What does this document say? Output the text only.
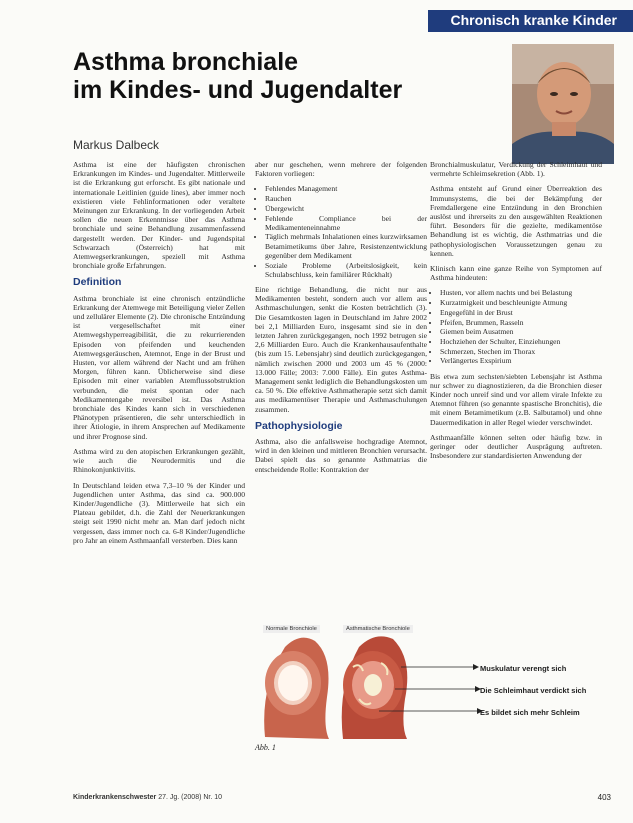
Chronisch kranke Kinder
Asthma bronchiale
im Kindes- und Jugendalter
Markus Dalbeck

Asthma ist eine der häufigsten chronischen Erkrankungen im Kindes- und Jugendalter. Mittlerweile ist die Erkrankung gut erforscht. Es gibt nationale und internationale Leitlinien (guide lines), aber immer noch existieren viele Fehlinformationen oder veraltete Meinungen zur Erkrankung. In der vorliegenden Arbeit sollen die neuen Erkenntnisse über das Asthma bronchiale und seine Behandlung zusammenfassend dargestellt werden. Der Kinder- und Jugendspital Schwarzach (Österreich) hat mit Atemwegserkrankungen, speziell mit Asthma bronchiale große Erfahrungen.

Definition

Asthma bronchiale ist eine chronisch entzündliche Erkrankung der Atemwege mit Beteiligung vieler Zellen und zellulärer Elemente (2). Die chronische Entzündung ist vergesellschaftet mit einer Atemwegshyperreagibilität, die zu rekurrierenden Episoden von pfeifenden und keuchenden Atemwegsgeräuschen, Atemnot, Enge in der Brust und Husten, vor allem während der Nacht und am frühen Morgen, führen kann. Üblicherweise sind diese Episoden mit einer variablen Atemflussobstruktion verbunden, die meist spontan oder nach Medikamentengabe reversibel ist. Das Asthma bronchiale des Kindes kann sich in verschiedenen Phänotypen präsentieren, die sehr unterschiedlich in ihrer Ätiologie, in ihrem Ansprechen auf Medikamente und ihrer Prognose sind.

Asthma wird zu den atopischen Erkrankungen gezählt, wie auch die Neurodermitis und die Rhinokonjunktivitis.

In Deutschland leiden etwa 7,3–10 % der Kinder und Jugendlichen unter Asthma, das sind ca. 900.000 Kinder/Jugendliche (3). Mittlerweile hat sich ein Plateau gebildet, d.h. die Zahl der Neuerkrankungen steigt seit 1990 nicht mehr an. Man darf jedoch nicht vergessen, dass immer noch ca. 6-8 Kinder/Jugendliche pro Jahr an einem Asthmaanfall versterben. Dies kann

aber nur geschehen, wenn mehrere der folgenden Faktoren vorliegen:

• Fehlendes Management
• Rauchen
• Übergewicht
• Fehlende Compliance bei der Medikamenteneinnahme
• Täglich mehrmals Inhalationen eines kurzwirksamen Betamimetikums über Jahre, Resistenzentwicklung gegenüber dem Medikament
• Soziale Probleme (Arbeitslosigkeit, kein Schulabschluss, kein familiärer Rückhalt)

Eine richtige Behandlung, die nicht nur aus Medikamenten besteht, sondern auch vor allem aus Asthmaschulungen, senkt die Kosten beträchtlich (3). Die Gesamtkosten lagen in Deutschland im Jahre 2002 bei 2,1 Milliarden Euro, insgesamt sind sie in den letzten Jahren zurückgegangen, noch 1992 betrugen sie 2,6 Milliarden Euro. Auch die Krankenhausaufenthalte (bis zum 15. Lebensjahr) sind deutlich zurückgegangen, nämlich zwischen 2000 und 2003 um 45 % (2000: 13.000 Fälle; 2003: 7.000 Fälle). Ein gutes Asthma-Management senkt lediglich die Behandlungskosten um ca. 50 %. Die effektive Asthmatherapie setzt sich damit aus medikamentöser Therapie und Asthmaschulungen zusammen.

Pathophysiologie

Asthma, also die anfallsweise hochgradige Atemnot, wird in den kleinen und mittleren Bronchien verursacht. Dabei spielt das so genannte Asthmatrias die entscheidende Rolle: Kontraktion der

Bronchialmuskulatur, Verdickung der Schleimhaut und vermehrte Schleimsekretion (Abb. 1).

Asthma entsteht auf Grund einer Überreaktion des Immunsystems, die bei der Bekämpfung der Fremdallergene eine Entzündung in den Bronchien auslöst und ihrerseits zu den ausgewählten Reaktionen führt. Besonders für die gezielte, medikamentöse Behandlung ist es wichtig, die Asthmatrias und die pathophysiologischen Voraussetzungen genau zu kennen.

Klinisch kann eine ganze Reihe von Symptomen auf Asthma hindeuten:

• Husten, vor allem nachts und bei Belastung
• Kurzatmigkeit und beschleunigte Atmung
• Engegefühl in der Brust
• Pfeifen, Brummen, Rasseln
• Giemen beim Ausatmen
• Hochziehen der Schulter, Einziehungen
• Schmerzen, Stechen im Thorax
• Verlängertes Exspirium

Bis etwa zum sechsten/siebten Lebensjahr ist Asthma nur schwer zu diagnostizieren, da die Bronchien dieser Kinder noch unreif sind und vor allem virale Infekte zu Atemnot führen (so genannte spastische Bronchitis), die mit einem Betamimetikum (z.B. Salbutamol) und ohne Dauermedikation in aller Regel wieder verschwindet.

Asthmaanfälle können selten oder häufig bzw. in geringer oder deutlicher Ausprägung auftreten. Insbesondere zur standardisierten Anwendung der

Normale Bronchiole	Asthmatische Bronchiole
Muskulatur verengt sich
Die Schleimhaut verdickt sich
Es bildet sich mehr Schleim
Abb. 1
Kinderkrankenschwester 27. Jg. (2008) Nr. 10	403
